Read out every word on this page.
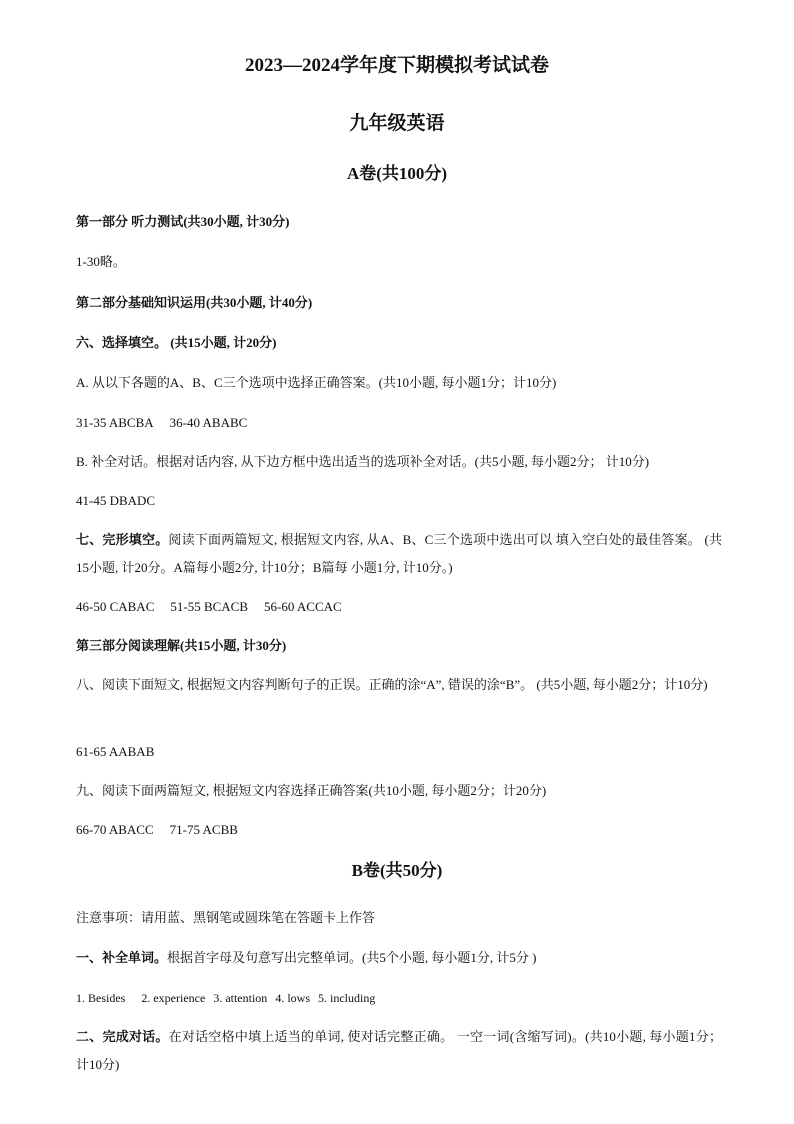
2023—2024学年度下期模拟考试试卷
九年级英语
A卷(共100分)
第一部分 听力测试(共30小题, 计30分)
1-30略。
第二部分基础知识运用(共30小题, 计40分)
六、选择填空。 (共15小题, 计20分)
A. 从以下各题的A、B、C三个选项中选择正确答案。(共10小题, 每小题1分；计10分)
31-35 ABCBA 36-40 ABABC
B. 补全对话。根据对话内容, 从下边方框中选出适当的选项补全对话。(共5小题, 每小题2分； 计10分)
41-45 DBADC
七、完形填空。阅读下面两篇短文, 根据短文内容, 从A、B、C三个选项中选出可以 填入空白处的最佳答案。 (共15小题, 计20分。A篇每小题2分, 计10分；B篇每 小题1分, 计10分。)
46-50 CABAC 51-55 BCACB 56-60 ACCAC
第三部分阅读理解(共15小题, 计30分)
八、阅读下面短文, 根据短文内容判断句子的正误。正确的涂“A”, 错误的涂“B”。 (共5小题, 每小题2分；计10分)
61-65 AABAB
九、阅读下面两篇短文, 根据短文内容选择正确答案(共10小题, 每小题2分；计20分)
66-70 ABACC 71-75 ACBB
B卷(共50分)
注意事项：请用蓝、黑钢笔或圆珠笔在答题卡上作答
一、补全单词。根据首字母及句意写出完整单词。(共5个小题, 每小题1分, 计5分 )
1. Besides 2. experience 3. attention 4. lows 5. including
二、完成对话。在对话空格中填上适当的单词, 使对话完整正确。 一空一词(含缩写词)。(共10小题, 每小题1分；计10分)
